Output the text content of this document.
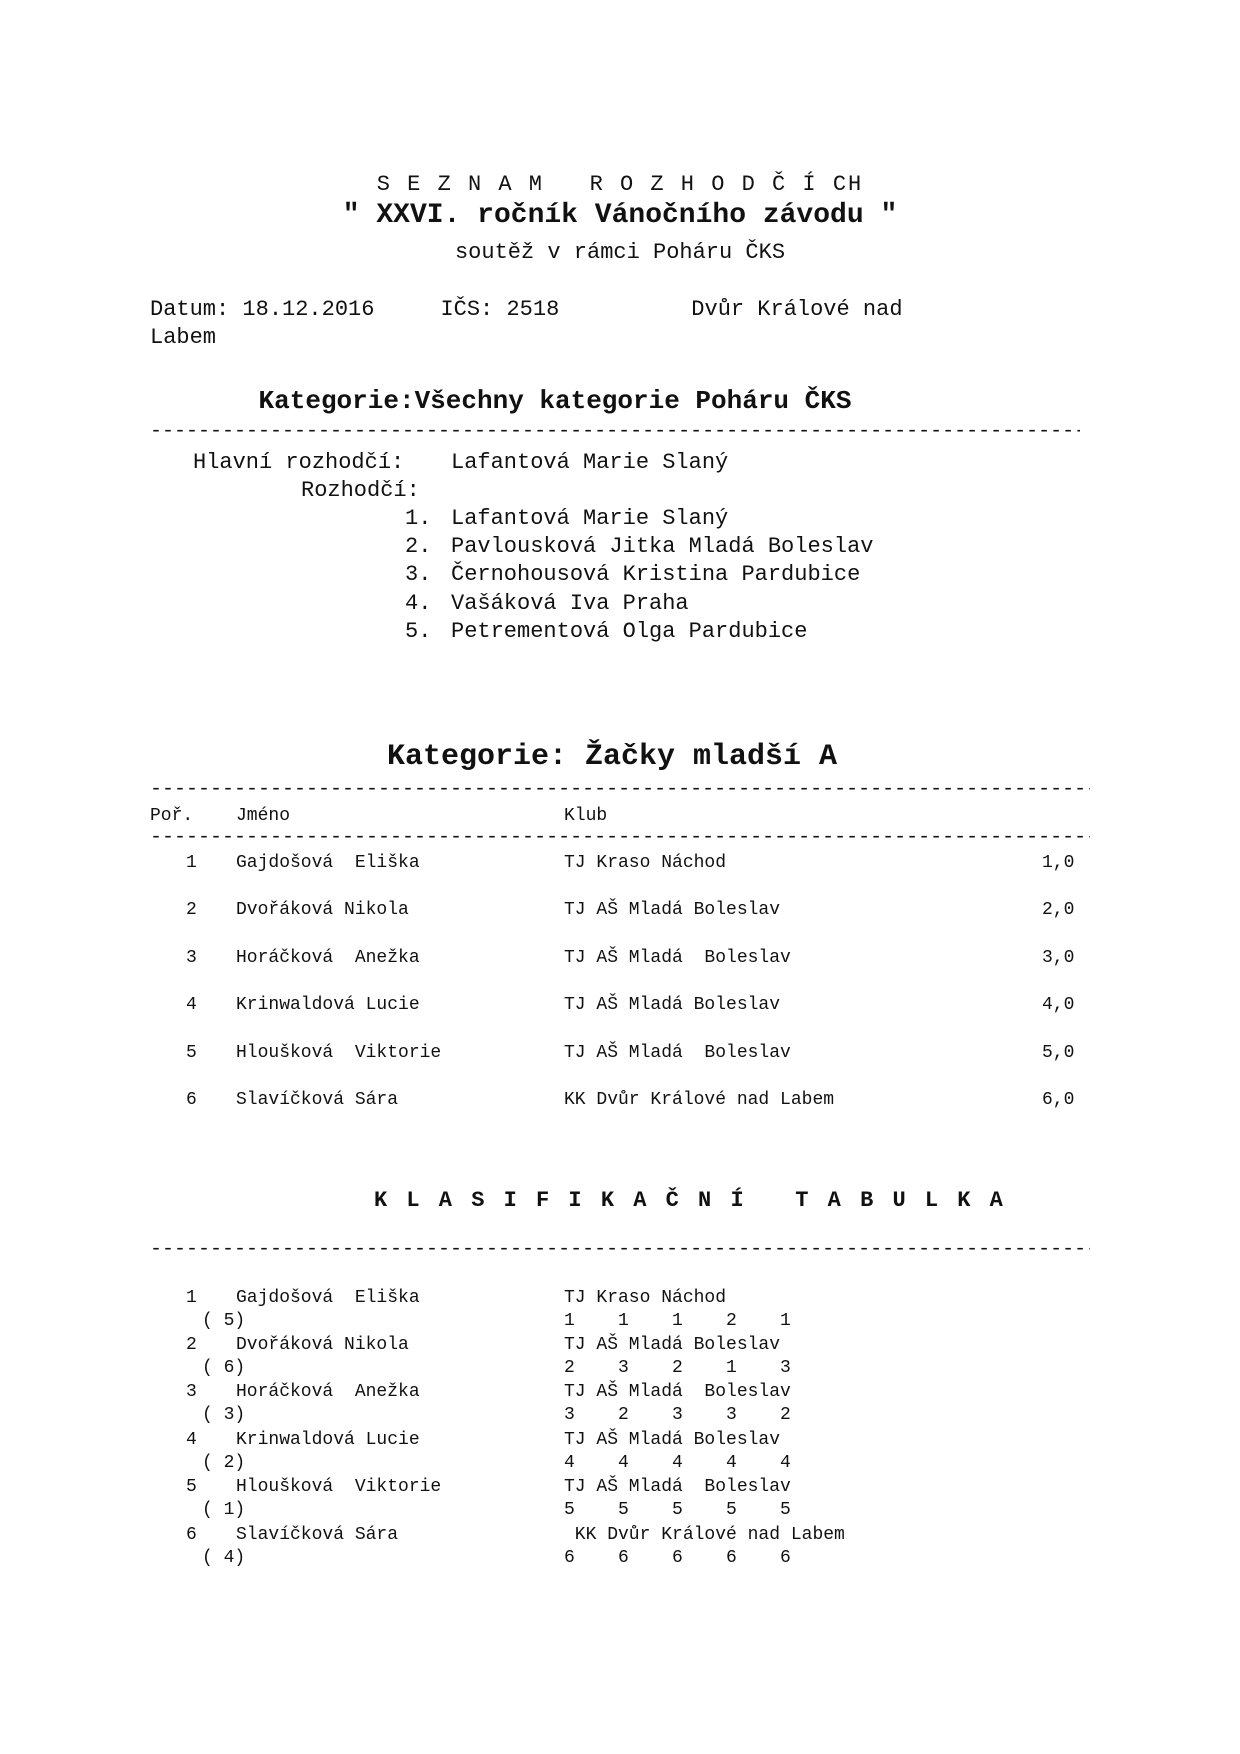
S E Z N A M   R O Z H O D Č Í CH
" XXVI. ročník Vánočního závodu "
soutěž v rámci Poháru ČKS
Datum: 18.12.2016     IČS: 2518          Dvůr Králové nad
Labem
Kategorie:Všechny kategorie Poháru ČKS
-----
Hlavní rozhodčí: Lafantová Marie Slaný
Rozhodčí:
1. Lafantová Marie Slaný
2. Pavlousková Jitka Mladá Boleslav
3. Černohousová Kristina Pardubice
4. Vašáková Iva Praha
5. Petrementová Olga Pardubice
Kategorie: Žačky mladší A
-----
Poř. Jméno	Klub
-----
1 Gajdošová  Eliška	TJ Kraso Náchod	1,0
2 Dvořáková Nikola	TJ AŠ Mladá Boleslav	2,0
3 Horáčková  Anežka	TJ AŠ Mladá  Boleslav	3,0
4 Krinwaldová Lucie	TJ AŠ Mladá Boleslav	4,0
5 Hloušková  Viktorie	TJ AŠ Mladá  Boleslav	5,0
6 Slavíčková Sára	KK Dvůr Králové nad Labem	6,0
K L A S I F I K A Č N Í   T A B U L K A
-----
1 Gajdošová  Eliška	TJ Kraso Náchod
( 5)	1    1    1    2    1
2 Dvořáková Nikola	TJ AŠ Mladá Boleslav
( 6)	2    3    2    1    3
3 Horáčková  Anežka	TJ AŠ Mladá  Boleslav
( 3)	3    2    3    3    2
4 Krinwaldová Lucie	TJ AŠ Mladá Boleslav
( 2)	4    4    4    4    4
5 Hloušková  Viktorie	TJ AŠ Mladá  Boleslav
( 1)	5    5    5    5    5
6 Slavíčková Sára	KK Dvůr Králové nad Labem
( 4)	6    6    6    6    6
